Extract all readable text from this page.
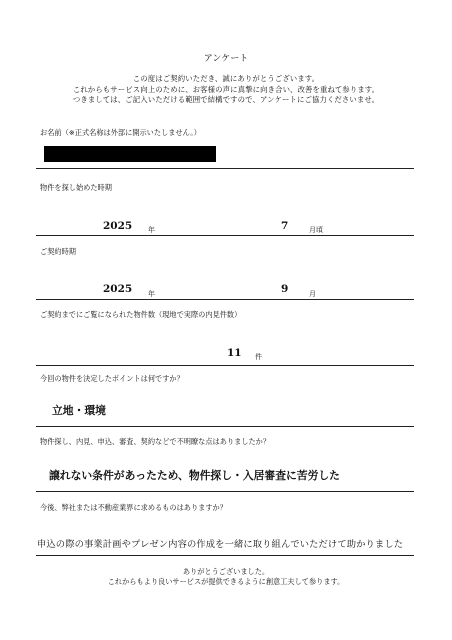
アンケート
この度はご契約いただき、誠にありがとうございます。
これからもサービス向上のために、お客様の声に真摯に向き合い、改善を重ねて参ります。
つきましては、ご記入いただける範囲で結構ですので、アンケートにご協力くださいませ。
お名前（※正式名称は外部に開示いたしません。）
物件を探し始めた時期
2025 年	7	月頃
ご契約時期
2025 年	9	月
ご契約までにご覧になられた物件数（現地で実際の内見件数）
11 件
今回の物件を決定したポイントは何ですか？
立地・環境
物件探し、内見、申込、審査、契約などで不明瞭な点はありましたか？
譲れない条件があったため、物件探し・入居審査に苦労した
今後、弊社または不動産業界に求めるものはありますか？
申込の際の事業計画やプレゼン内容の作成を一緒に取り組んでいただけて助かりました
ありがとうございました。
これからもより良いサービスが提供できるように創意工夫して参ります。
